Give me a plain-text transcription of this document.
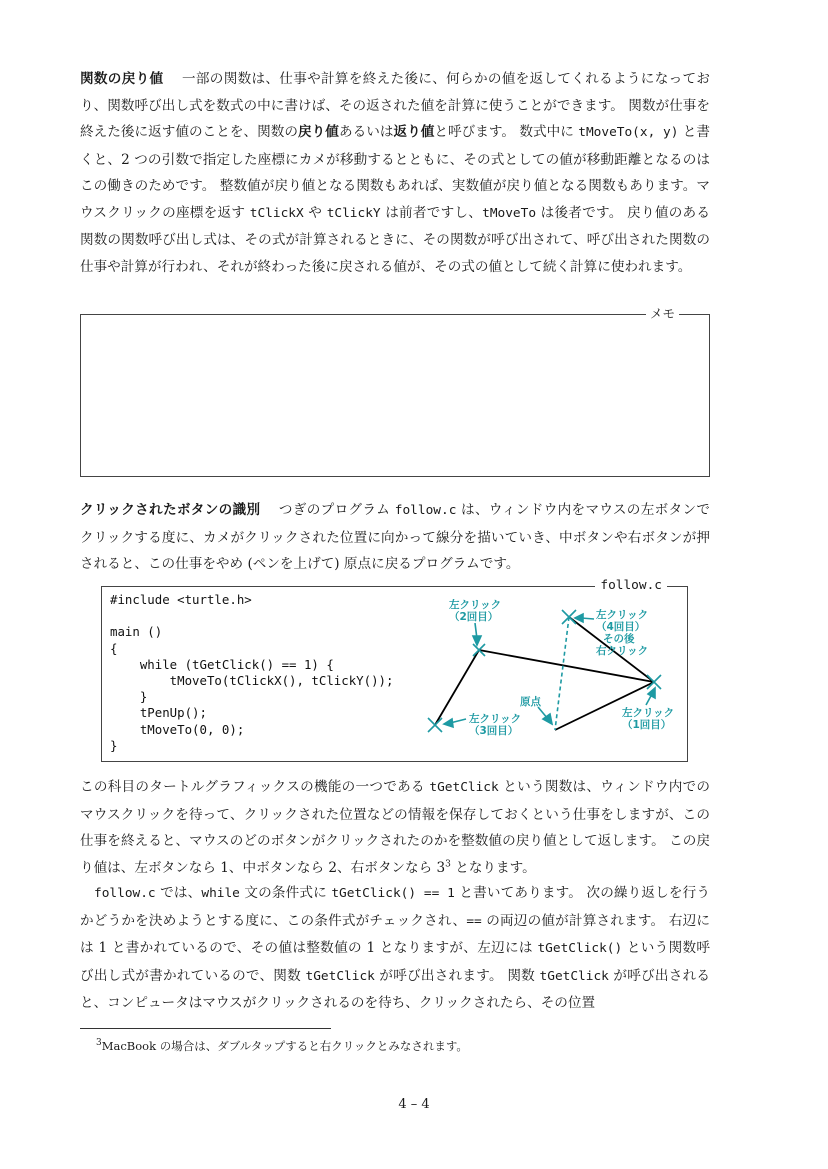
関数の戻り値　 一部の関数は、仕事や計算を終えた後に、何らかの値を返してくれるようになっており、関数呼び出し式を数式の中に書けば、その返された値を計算に使うことができます。 関数が仕事を終えた後に返す値のことを、関数の戻り値あるいは返り値と呼びます。 数式中に tMoveTo(x, y) と書くと、2 つの引数で指定した座標にカメが移動するとともに、その式としての値が移動距離となるのはこの働きのためです。 整数値が戻り値となる関数もあれば、実数値が戻り値となる関数もあります。マウスクリックの座標を返す tClickX や tClickY は前者ですし、tMoveTo は後者です。 戻り値のある関数の関数呼び出し式は、その式が計算されるときに、その関数が呼び出されて、呼び出された関数の仕事や計算が行われ、それが終わった後に戻される値が、その式の値として続く計算に使われます。

メモ

クリックされたボタンの識別　 つぎのプログラム follow.c は、ウィンドウ内をマウスの左ボタンでクリックする度に、カメがクリックされた位置に向かって線分を描いていき、中ボタンや右ボタンが押されると、この仕事をやめ (ペンを上げて) 原点に戻るプログラムです。

follow.c
#include <turtle.h>

main ()
{
while (tGetClick() == 1) {
tMoveTo(tClickX(), tClickY());
}
tPenUp();
tMoveTo(0, 0);
}
左クリック
（2回目）	左クリック
（4回目）
その後
右クリック
原点
左クリック
（1回目）
左クリック
（3回目）

この科目のタートルグラフィックスの機能の一つである tGetClick という関数は、ウィンドウ内でのマウスクリックを待って、クリックされた位置などの情報を保存しておくという仕事をしますが、この仕事を終えると、マウスのどのボタンがクリックされたのかを整数値の戻り値として返します。 この戻り値は、左ボタンなら 1、中ボタンなら 2、右ボタンなら $3^3$ となります。

follow.c では、while 文の条件式に tGetClick() == 1 と書いてあります。 次の繰り返しを行うかどうかを決めようとする度に、この条件式がチェックされ、== の両辺の値が計算されます。 右辺には 1 と書かれているので、その値は整数値の 1 となりますが、左辺には tGetClick() という関数呼び出し式が書かれているので、関数 tGetClick が呼び出されます。 関数 tGetClick が呼び出されると、コンピュータはマウスがクリックされるのを待ち、クリックされたら、その位置

$^3$MacBook の場合は、ダブルタップすると右クリックとみなされます。
4 – 4
